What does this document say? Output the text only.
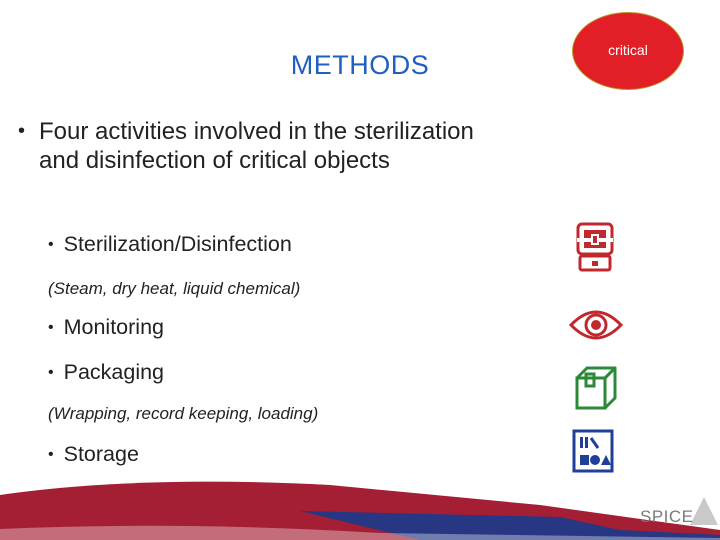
METHODS	critical
• Four activities involved in the sterilization and disinfection of critical objects
• Sterilization/Disinfection
(Steam, dry heat, liquid chemical)
• Monitoring
• Packaging
(Wrapping, record keeping, loading)
• Storage
SPICE
